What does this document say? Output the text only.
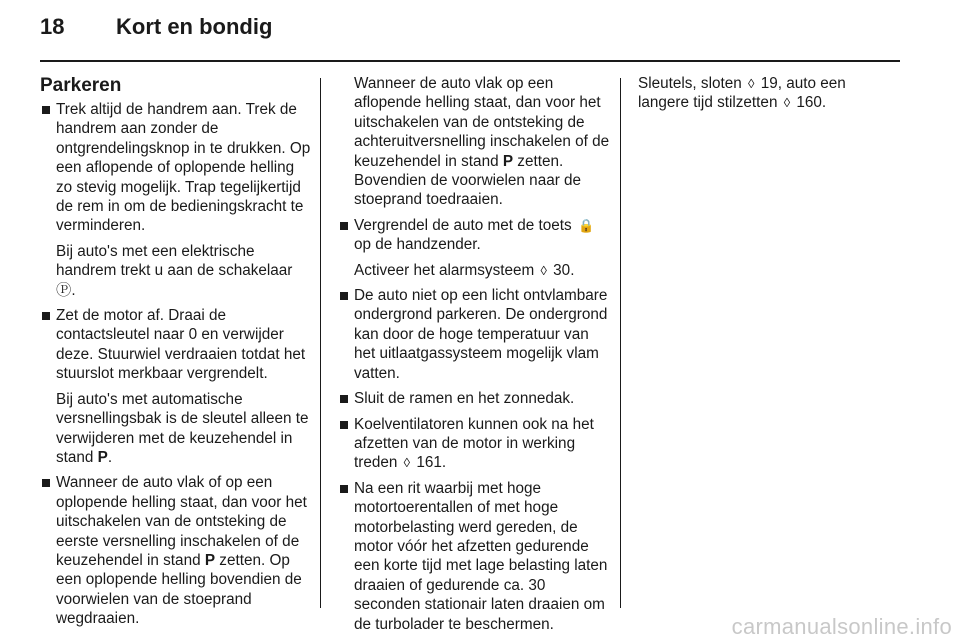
18	Kort en bondig
Parkeren
Trek altijd de handrem aan. Trek de handrem aan zonder de ontgrendelingsknop in te drukken. Op een aflopende of oplopende helling zo stevig mogelijk. Trap tegelijkertijd de rem in om de bedieningskracht te verminderen.
Bij auto's met een elektrische handrem trekt u aan de schakelaar Ⓟ.
Zet de motor af. Draai de contactsleutel naar 0 en verwijder deze. Stuurwiel verdraaien totdat het stuurslot merkbaar vergrendelt.
Bij auto's met automatische versnellingsbak is de sleutel alleen te verwijderen met de keuzehendel in stand P.
Wanneer de auto vlak of op een oplopende helling staat, dan voor het uitschakelen van de ontsteking de eerste versnelling inschakelen of de keuzehendel in stand P zetten. Op een oplopende helling bovendien de voorwielen van de stoeprand wegdraaien.
Wanneer de auto vlak op een aflopende helling staat, dan voor het uitschakelen van de ontsteking de achteruitversnelling inschakelen of de keuzehendel in stand P zetten. Bovendien de voorwielen naar de stoeprand toedraaien.
Vergrendel de auto met de toets 🔒 op de handzender.
Activeer het alarmsysteem ◊ 30.
De auto niet op een licht ontvlambare ondergrond parkeren. De ondergrond kan door de hoge temperatuur van het uitlaatgassysteem mogelijk vlam vatten.
Sluit de ramen en het zonnedak.
Koelventilatoren kunnen ook na het afzetten van de motor in werking treden ◊ 161.
Na een rit waarbij met hoge motortoerentallen of met hoge motorbelasting werd gereden, de motor vóór het afzetten gedurende een korte tijd met lage belasting laten draaien of gedurende ca. 30 seconden stationair laten draaien om de turbolader te beschermen.
Sleutels, sloten ◊ 19, auto een langere tijd stilzetten ◊ 160.
carmanualsonline.info
